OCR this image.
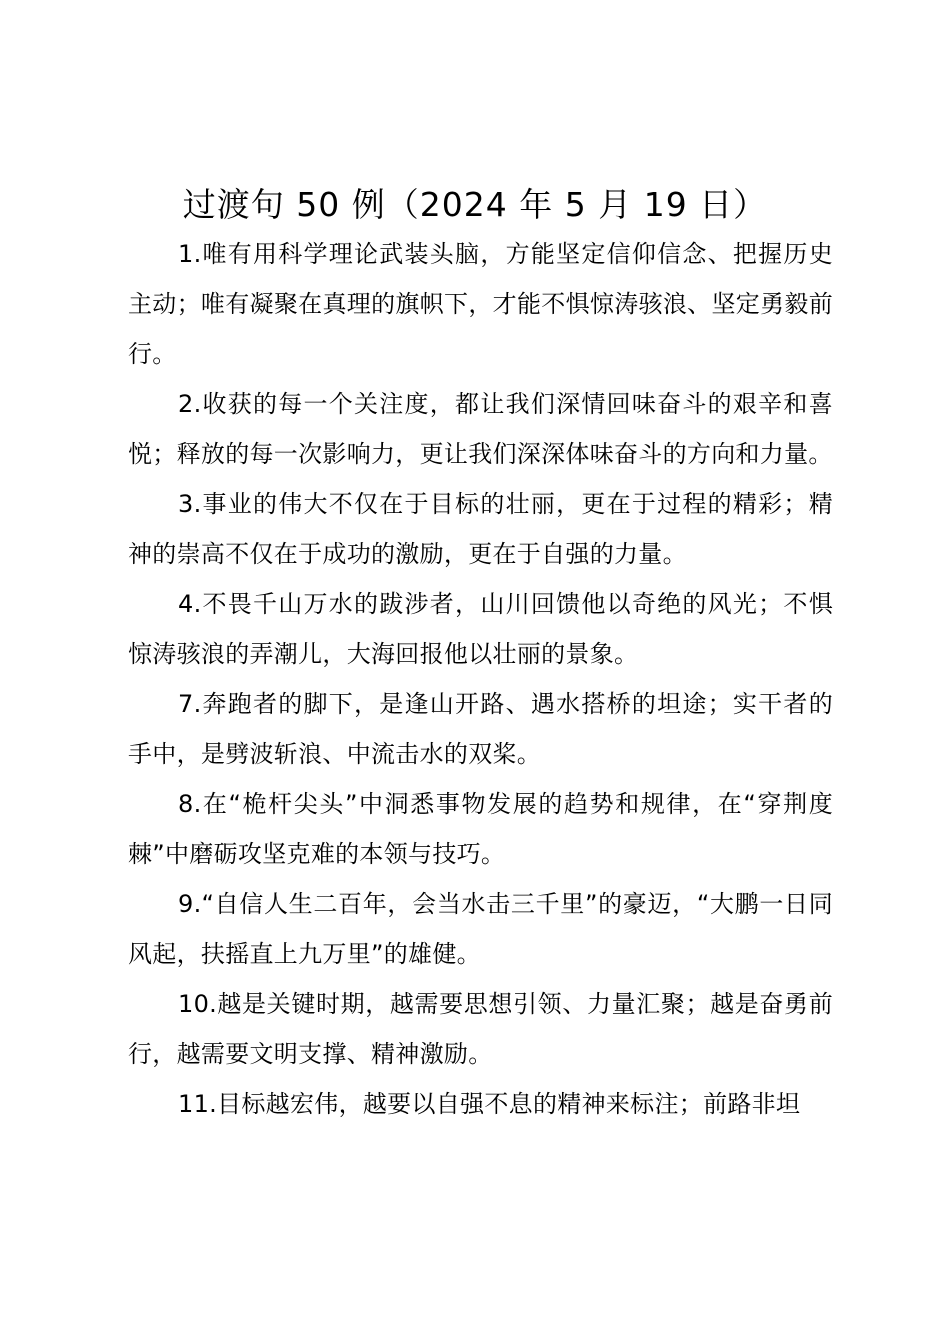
过渡句 50 例（2024 年 5 月 19 日）

1.唯有用科学理论武装头脑，方能坚定信仰信念、把握历史主动；唯有凝聚在真理的旗帜下，才能不惧惊涛骇浪、坚定勇毅前行。

2.收获的每一个关注度，都让我们深情回味奋斗的艰辛和喜悦；释放的每一次影响力，更让我们深深体味奋斗的方向和力量。

3.事业的伟大不仅在于目标的壮丽，更在于过程的精彩；精神的崇高不仅在于成功的激励，更在于自强的力量。

4.不畏千山万水的跋涉者，山川回馈他以奇绝的风光；不惧惊涛骇浪的弄潮儿，大海回报他以壮丽的景象。

7.奔跑者的脚下，是逢山开路、遇水搭桥的坦途；实干者的手中，是劈波斩浪、中流击水的双桨。

8.在“桅杆尖头”中洞悉事物发展的趋势和规律，在“穿荆度棘”中磨砺攻坚克难的本领与技巧。

9.“自信人生二百年，会当水击三千里”的豪迈，“大鹏一日同风起，扶摇直上九万里”的雄健。

10.越是关键时期，越需要思想引领、力量汇聚；越是奋勇前行，越需要文明支撑、精神激励。

11.目标越宏伟，越要以自强不息的精神来标注；前路非坦
